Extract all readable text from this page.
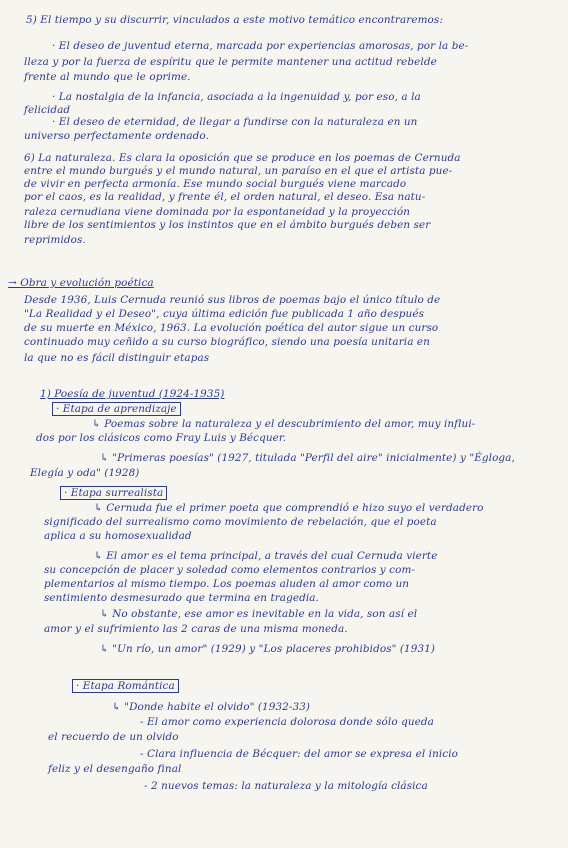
5) El tiempo y su discurrir, vinculados a este motivo temático encontraremos:
· El deseo de juventud eterna, marcada por experiencias amorosas, por la be-
lleza y por la fuerza de espíritu que le permite mantener una actitud rebelde
frente al mundo que le oprime.
· La nostalgia de la infancia, asociada a la ingenuidad y, por eso, a la
felicidad
· El deseo de eternidad, de llegar a fundirse con la naturaleza en un
universo perfectamente ordenado.
6) La naturaleza. Es clara la oposición que se produce en los poemas de Cernuda
entre el mundo burgués y el mundo natural, un paraíso en el que el artista pue-
de vivir en perfecta armonía. Ese mundo social burgués viene marcado
por el caos, es la realidad, y frente él, el orden natural, el deseo. Esa natu-
raleza cernudiana viene dominada por la espontaneidad y la proyección
libre de los sentimientos y los instintos que en el ámbito burgués deben ser
reprimidos.
→ Obra y evolución poética
Desde 1936, Luis Cernuda reunió sus libros de poemas bajo el único título de
"La Realidad y el Deseo", cuya última edición fue publicada 1 año después
de su muerte en México, 1963. La evolución poética del autor sigue un curso
continuado muy ceñido a su curso biográfico, siendo una poesía unitaria en
la que no es fácil distinguir etapas
1) Poesía de juventud (1924-1935)
· Etapa de aprendizaje
↳ Poemas sobre la naturaleza y el descubrimiento del amor, muy influi-
dos por los clásicos como Fray Luis y Bécquer.
↳ "Primeras poesías" (1927, titulada "Perfil del aire" inicialmente) y "Égloga,
Elegía y oda" (1928)
· Etapa surrealista
↳ Cernuda fue el primer poeta que comprendió e hizo suyo el verdadero
significado del surrealismo como movimiento de rebelación, que el poeta
aplica a su homosexualidad
↳ El amor es el tema principal, a través del cual Cernuda vierte
su concepción de placer y soledad como elementos contrarios y com-
plementarios al mismo tiempo. Los poemas aluden al amor como un
sentimiento desmesurado que termina en tragedia.
↳ No obstante, ese amor es inevitable en la vida, son así el
amor y el sufrimiento las 2 caras de una misma moneda.
↳ "Un río, un amor" (1929) y "Los placeres prohibidos" (1931)
· Etapa Romántica
↳ "Donde habite el olvido" (1932-33)
- El amor como experiencia dolorosa donde sólo queda
el recuerdo de un olvido
- Clara influencia de Bécquer: del amor se expresa el inicio
feliz y el desengaño final
- 2 nuevos temas: la naturaleza y la mitología clásica
